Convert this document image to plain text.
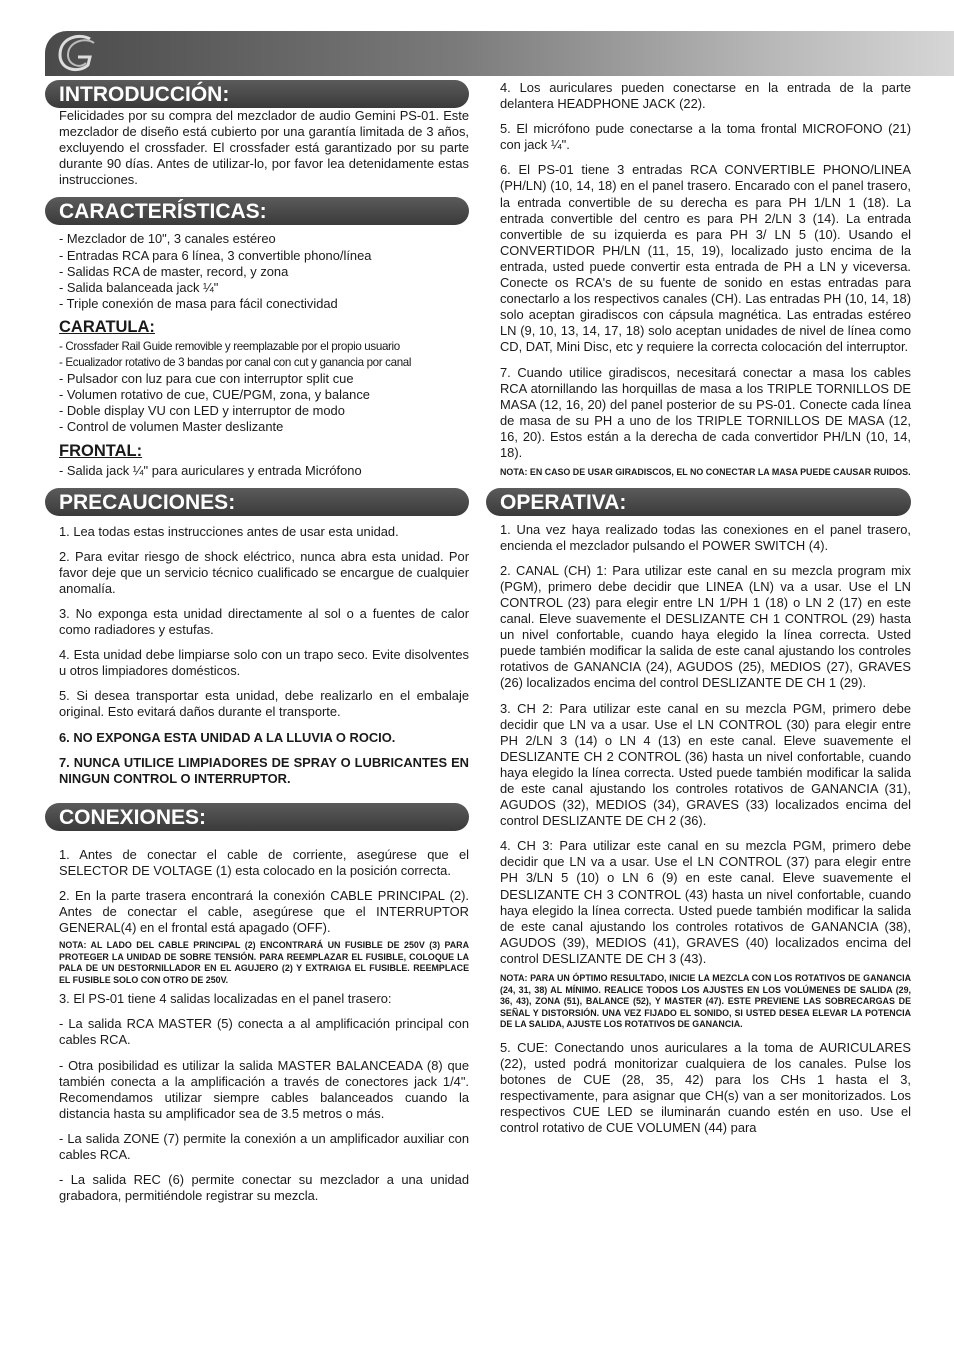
INTRODUCCIÓN:

Felicidades por su compra del mezclador de audio Gemini PS-01. Este mezclador de diseño está cubierto por una garantía limitada de 3 años, excluyendo el crossfader. El crossfader está garantizado por su parte durante 90 días. Antes de utilizar-lo, por favor lea detenidamente estas instrucciones.

CARACTERÍSTICAS:
- Mezclador de 10", 3 canales estéreo
- Entradas RCA para 6 línea, 3 convertible phono/línea
- Salidas RCA de master, record, y zona
- Salida balanceada jack ¼"
- Triple conexión de masa para fácil conectividad
CARATULA:
- Crossfader Rail Guide removible y reemplazable por el propio usuario
- Ecualizador rotativo de 3 bandas por canal con cut y ganancia por canal
- Pulsador con luz para cue con interruptor split cue
- Volumen rotativo de cue, CUE/PGM, zona, y balance
- Doble display VU con LED y interruptor de modo
- Control de volumen Master deslizante
FRONTAL:
- Salida jack ¼" para auriculares y entrada Micrófono
PRECAUCIONES:

1. Lea todas estas instrucciones antes de usar esta unidad.

2. Para evitar riesgo de shock eléctrico, nunca abra esta unidad. Por favor deje que un servicio técnico cualificado se encargue de cualquier anomalía.

3. No exponga esta unidad directamente al sol o a fuentes de calor como radiadores y estufas.

4. Esta unidad debe limpiarse solo con un trapo seco. Evite disolventes u otros limpiadores domésticos.

5. Si desea transportar esta unidad, debe realizarlo en el embalaje original. Esto evitará daños durante el transporte.

6. NO EXPONGA ESTA UNIDAD A LA LLUVIA O ROCIO.

7. NUNCA UTILICE LIMPIADORES DE SPRAY O LUBRICANTES EN NINGUN CONTROL O INTERRUPTOR.

CONEXIONES:

1. Antes de conectar el cable de corriente, asegúrese que el SELECTOR DE VOLTAGE (1) esta colocado en la posición correcta.

2. En la parte trasera encontrará la conexión CABLE PRINCIPAL (2). Antes de conectar el cable, asegúrese que el INTERRUPTOR GENERAL(4) en el frontal está apagado (OFF).

NOTA: AL LADO DEL CABLE PRINCIPAL (2) ENCONTRARÁ UN FUSIBLE DE 250V (3) PARA PROTEGER LA UNIDAD DE SOBRE TENSIÓN. PARA REEMPLAZAR EL FUSIBLE, COLOQUE LA PALA DE UN DESTORNILLADOR EN EL AGUJERO (2) Y EXTRAIGA EL FUSIBLE. REEMPLACE EL FUSIBLE SOLO CON OTRO DE 250V.

3. El PS-01 tiene 4 salidas localizadas en el panel trasero:

- La salida RCA MASTER (5) conecta a al amplificación principal con cables RCA.

- Otra posibilidad es utilizar la salida MASTER BALANCEADA (8) que también conecta a la amplificación a través de conectores jack 1/4". Recomendamos utilizar siempre cables balanceados cuando la distancia hasta su amplificador sea de 3.5 metros o más.

- La salida ZONE (7) permite la conexión a un amplificador auxiliar con cables RCA.

- La salida REC (6) permite conectar su mezclador a una unidad grabadora, permitiéndole registrar su mezcla.

4. Los auriculares pueden conectarse en la entrada de la parte delantera HEADPHONE JACK (22).

5. El micrófono pude conectarse a la toma frontal MICROFONO (21) con jack ¼".

6. El PS-01 tiene 3 entradas RCA CONVERTIBLE PHONO/LINEA (PH/LN) (10, 14, 18) en el panel trasero. Encarado con el panel trasero, la entrada convertible de su derecha es para PH 1/LN 1 (18). La entrada convertible del centro es para PH 2/LN 3 (14). La entrada convertible de su izquierda es para PH 3/ LN 5 (10). Usando el CONVERTIDOR PH/LN (11, 15, 19), localizado justo encima de la entrada, usted puede convertir esta entrada de PH a LN y viceversa. Conecte os RCA's de su fuente de sonido en estas entradas para conectarlo a los respectivos canales (CH). Las entradas PH (10, 14, 18) solo aceptan giradiscos con cápsula magnética. Las entradas estéreo LN (9, 10, 13, 14, 17, 18) solo aceptan unidades de nivel de línea como CD, DAT, Mini Disc, etc y requiere la correcta colocación del interruptor.

7. Cuando utilice giradiscos, necesitará conectar a masa los cables RCA atornillando las horquillas de masa a los TRIPLE TORNILLOS DE MASA (12, 16, 20) del panel posterior de su PS-01. Conecte cada línea de masa de su PH a uno de los TRIPLE TORNILLOS DE MASA (12, 16, 20). Estos están a la derecha de cada convertidor PH/LN (10, 14, 18).

NOTA: EN CASO DE USAR GIRADISCOS, EL NO CONECTAR LA MASA PUEDE CAUSAR RUIDOS.

OPERATIVA:

1. Una vez haya realizado todas las conexiones en el panel trasero, encienda el mezclador pulsando el POWER SWITCH (4).

2. CANAL (CH) 1: Para utilizar este canal en su mezcla program mix (PGM), primero debe decidir que LINEA (LN) va a usar. Use el LN CONTROL (23) para elegir entre LN 1/PH 1 (18) o LN 2 (17) en este canal. Eleve suavemente el DESLIZANTE CH 1 CONTROL (29) hasta un nivel confortable, cuando haya elegido la línea correcta. Usted puede también modificar la salida de este canal ajustando los controles rotativos de GANANCIA (24), AGUDOS (25), MEDIOS (27), GRAVES (26) localizados encima del control DESLIZANTE DE CH 1 (29).

3. CH 2: Para utilizar este canal en su mezcla PGM, primero debe decidir que LN va a usar. Use el LN CONTROL (30) para elegir entre PH 2/LN 3 (14) o LN 4 (13) en este canal. Eleve suavemente el DESLIZANTE CH 2 CONTROL (36) hasta un nivel confortable, cuando haya elegido la línea correcta. Usted puede también modificar la salida de este canal ajustando los controles rotativos de GANANCIA (31), AGUDOS (32), MEDIOS (34), GRAVES (33) localizados encima del control DESLIZANTE DE CH 2 (36).

4. CH 3: Para utilizar este canal en su mezcla PGM, primero debe decidir que LN va a usar. Use el LN CONTROL (37) para elegir entre PH 3/LN 5 (10) o LN 6 (9) en este canal. Eleve suavemente el DESLIZANTE CH 3 CONTROL (43) hasta un nivel confortable, cuando haya elegido la línea correcta. Usted puede también modificar la salida de este canal ajustando los controles rotativos de GANANCIA (38), AGUDOS (39), MEDIOS (41), GRAVES (40) localizados encima del control DESLIZANTE DE CH 3 (43).

NOTA: PARA UN ÓPTIMO RESULTADO, INICIE LA MEZCLA CON LOS ROTATIVOS DE GANANCIA (24, 31, 38) AL MÍNIMO. REALICE TODOS LOS AJUSTES EN LOS VOLÚMENES DE SALIDA (29, 36, 43), ZONA (51), BALANCE (52), Y MASTER (47). ESTE PREVIENE LAS SOBRECARGAS DE SEÑAL Y DISTORSIÓN. UNA VEZ FIJADO EL SONIDO, SI USTED DESEA ELEVAR LA POTENCIA DE LA SALIDA, AJUSTE LOS ROTATIVOS DE GANANCIA.

5. CUE: Conectando unos auriculares a la toma de AURICULARES (22), usted podrá monitorizar cualquiera de los canales. Pulse los botones de CUE (28, 35, 42) para los CHs 1 hasta el 3, respectivamente, para asignar que CH(s) van a ser monitorizados. Los respectivos CUE LED se iluminarán cuando estén en uso. Use el control rotativo de CUE VOLUMEN (44) para
